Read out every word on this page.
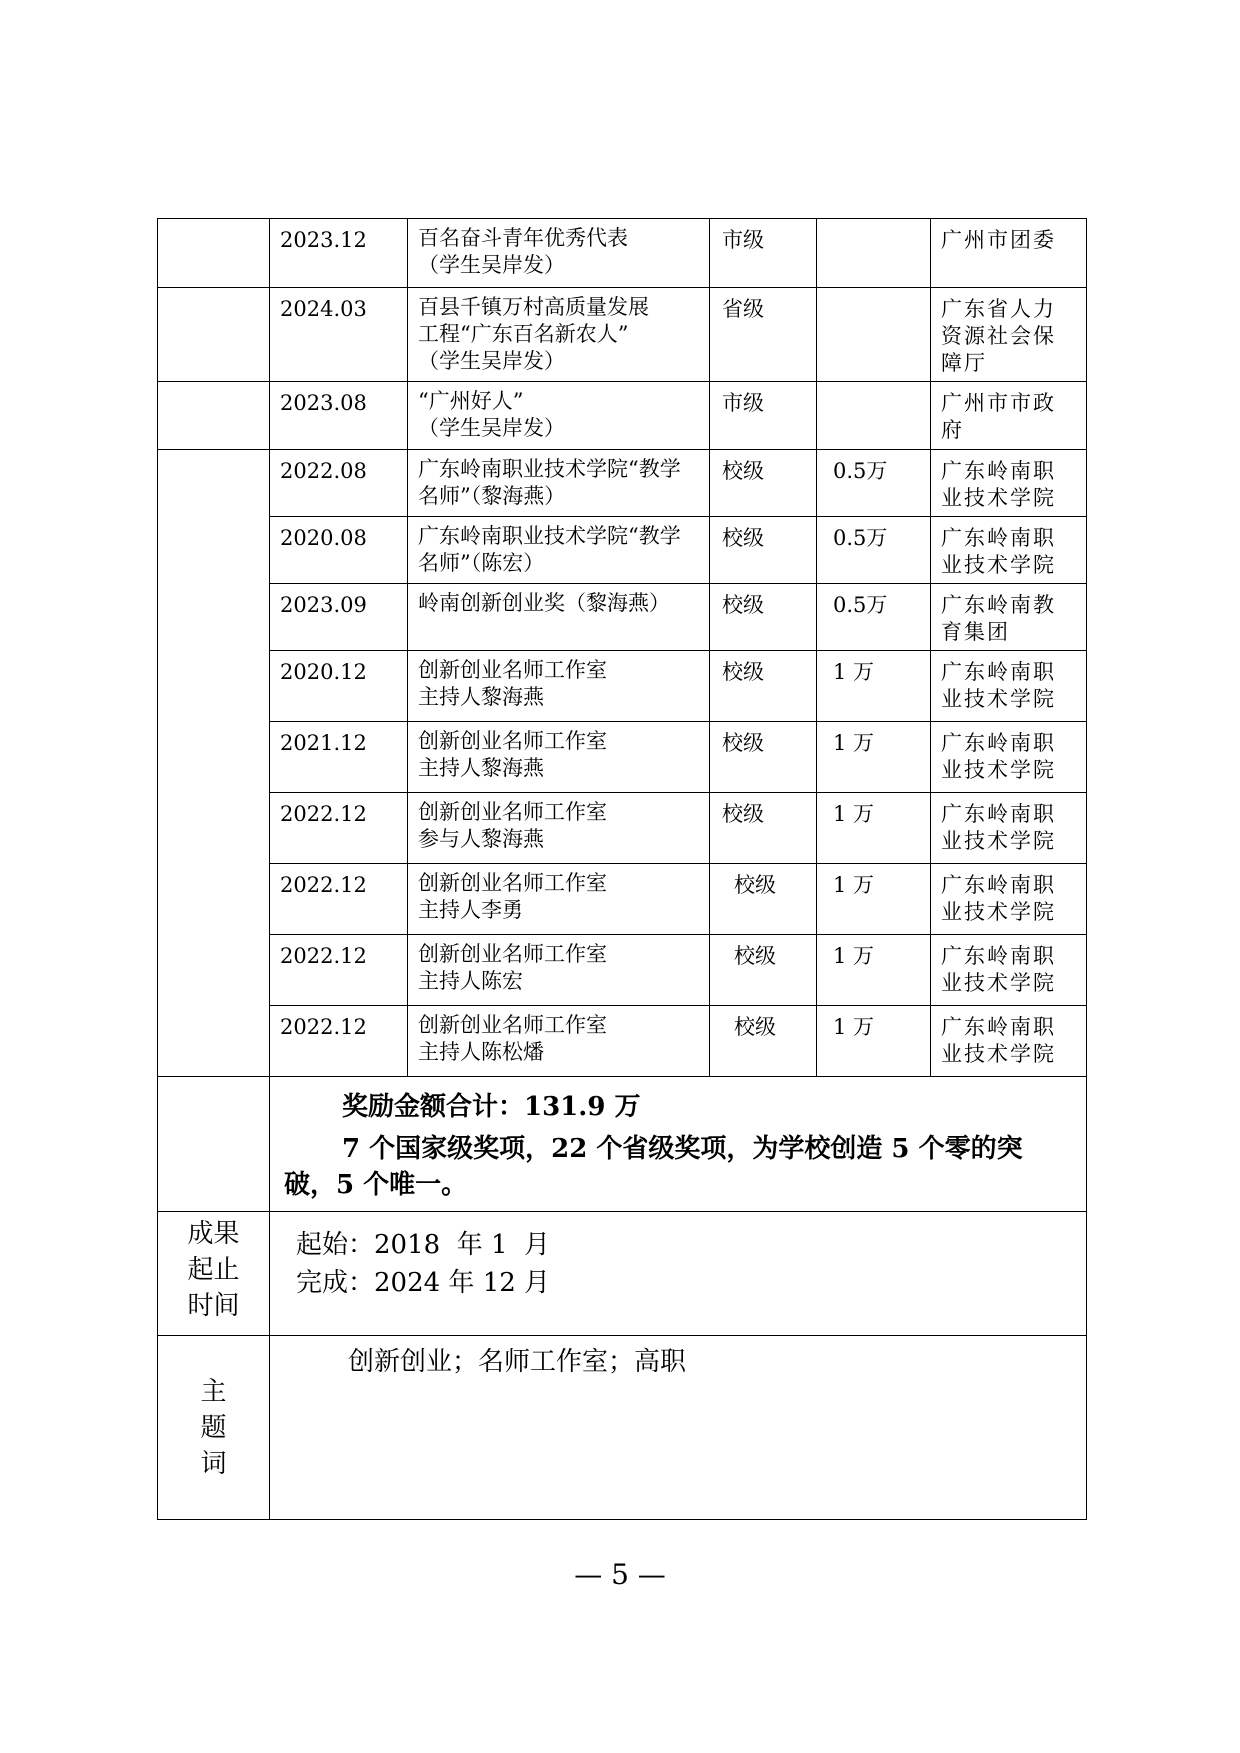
	2023.12	百名奋斗青年优秀代表
（学生吴岸发）	市级		广州市团委

	2024.03	百县千镇万村高质量发展
工程“广东百名新农人”
（学生吴岸发）	省级		广东省人力
资源社会保
障厅

	2023.08	“广州好人”
（学生吴岸发）	市级		广州市市政
府

	2022.08	广东岭南职业技术学院“教学
名师”（黎海燕）	校级	0.5万	广东岭南职
业技术学院

	2020.08	广东岭南职业技术学院“教学
名师”（陈宏）	校级	0.5万	广东岭南职
业技术学院

	2023.09	岭南创新创业奖（黎海燕）	校级	0.5万	广东岭南教
育集团

	2020.12	创新创业名师工作室
主持人黎海燕	校级	1 万	广东岭南职
业技术学院

	2021.12	创新创业名师工作室
主持人黎海燕	校级	1 万	广东岭南职
业技术学院

	2022.12	创新创业名师工作室
参与人黎海燕	校级	1 万	广东岭南职
业技术学院

	2022.12	创新创业名师工作室
主持人李勇	校级	1 万	广东岭南职
业技术学院

	2022.12	创新创业名师工作室
主持人陈宏	校级	1 万	广东岭南职
业技术学院

	2022.12	创新创业名师工作室
主持人陈松燔	校级	1 万	广东岭南职
业技术学院

	奖励金额合计：131.9 万
7 个国家级奖项，22 个省级奖项，为学校创造 5 个零的突
破，5 个唯一。				

成果
起止
时间	起始：2018  年 1  月
完成：2024 年 12 月				

主
题
词	创新创业；名师工作室；高职				
— 5 —
